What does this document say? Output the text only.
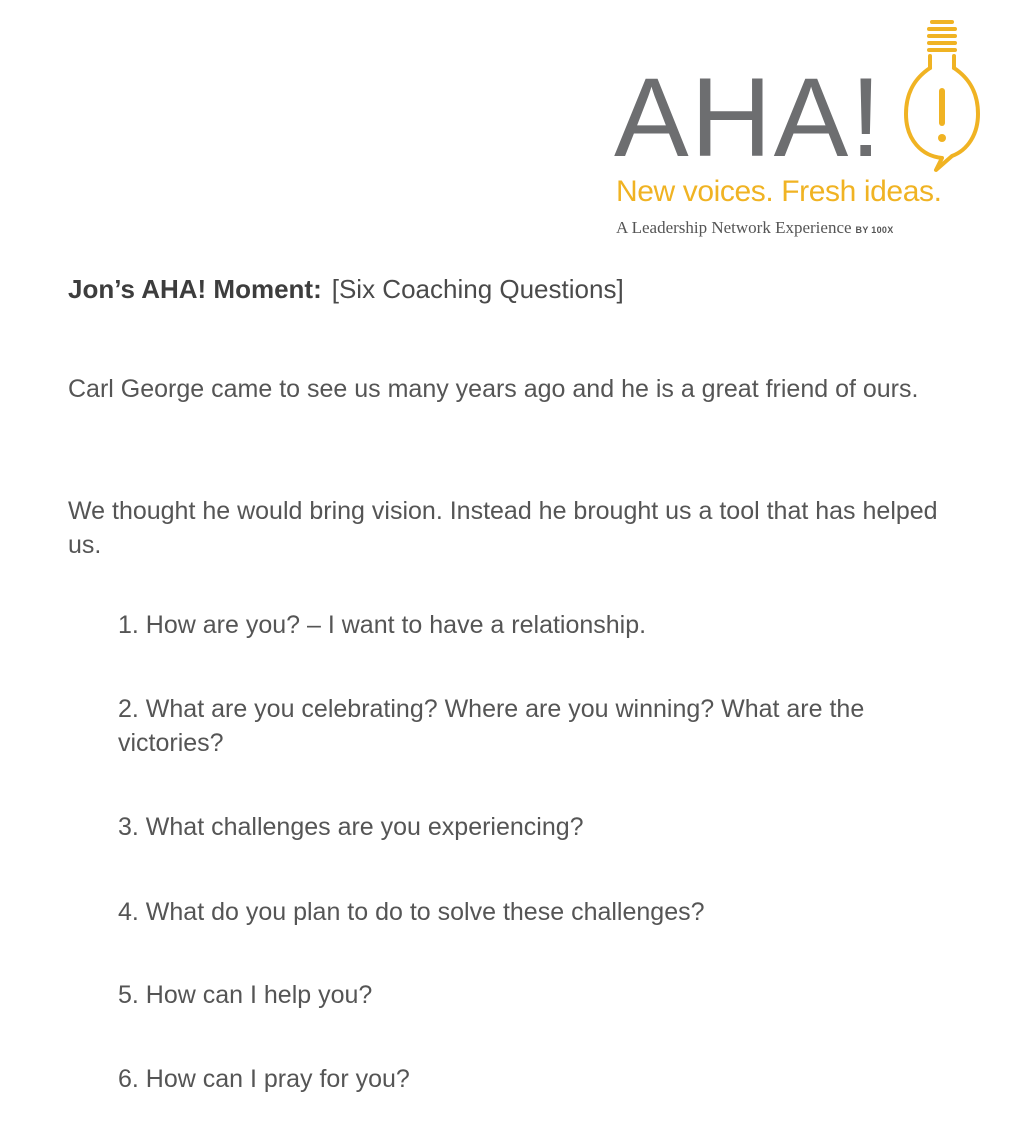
AHA!
New voices. Fresh ideas.
A Leadership Network Experience BY 100X
Jon’s AHA! Moment: [Six Coaching Questions]
Carl George came to see us many years ago and he is a great friend of ours.
We thought he would bring vision. Instead he brought us a tool that has helped us.
1. How are you? – I want to have a relationship.
2. What are you celebrating? Where are you winning? What are the victories?
3. What challenges are you experiencing?
4. What do you plan to do to solve these challenges?
5. How can I help you?
6. How can I pray for you?
